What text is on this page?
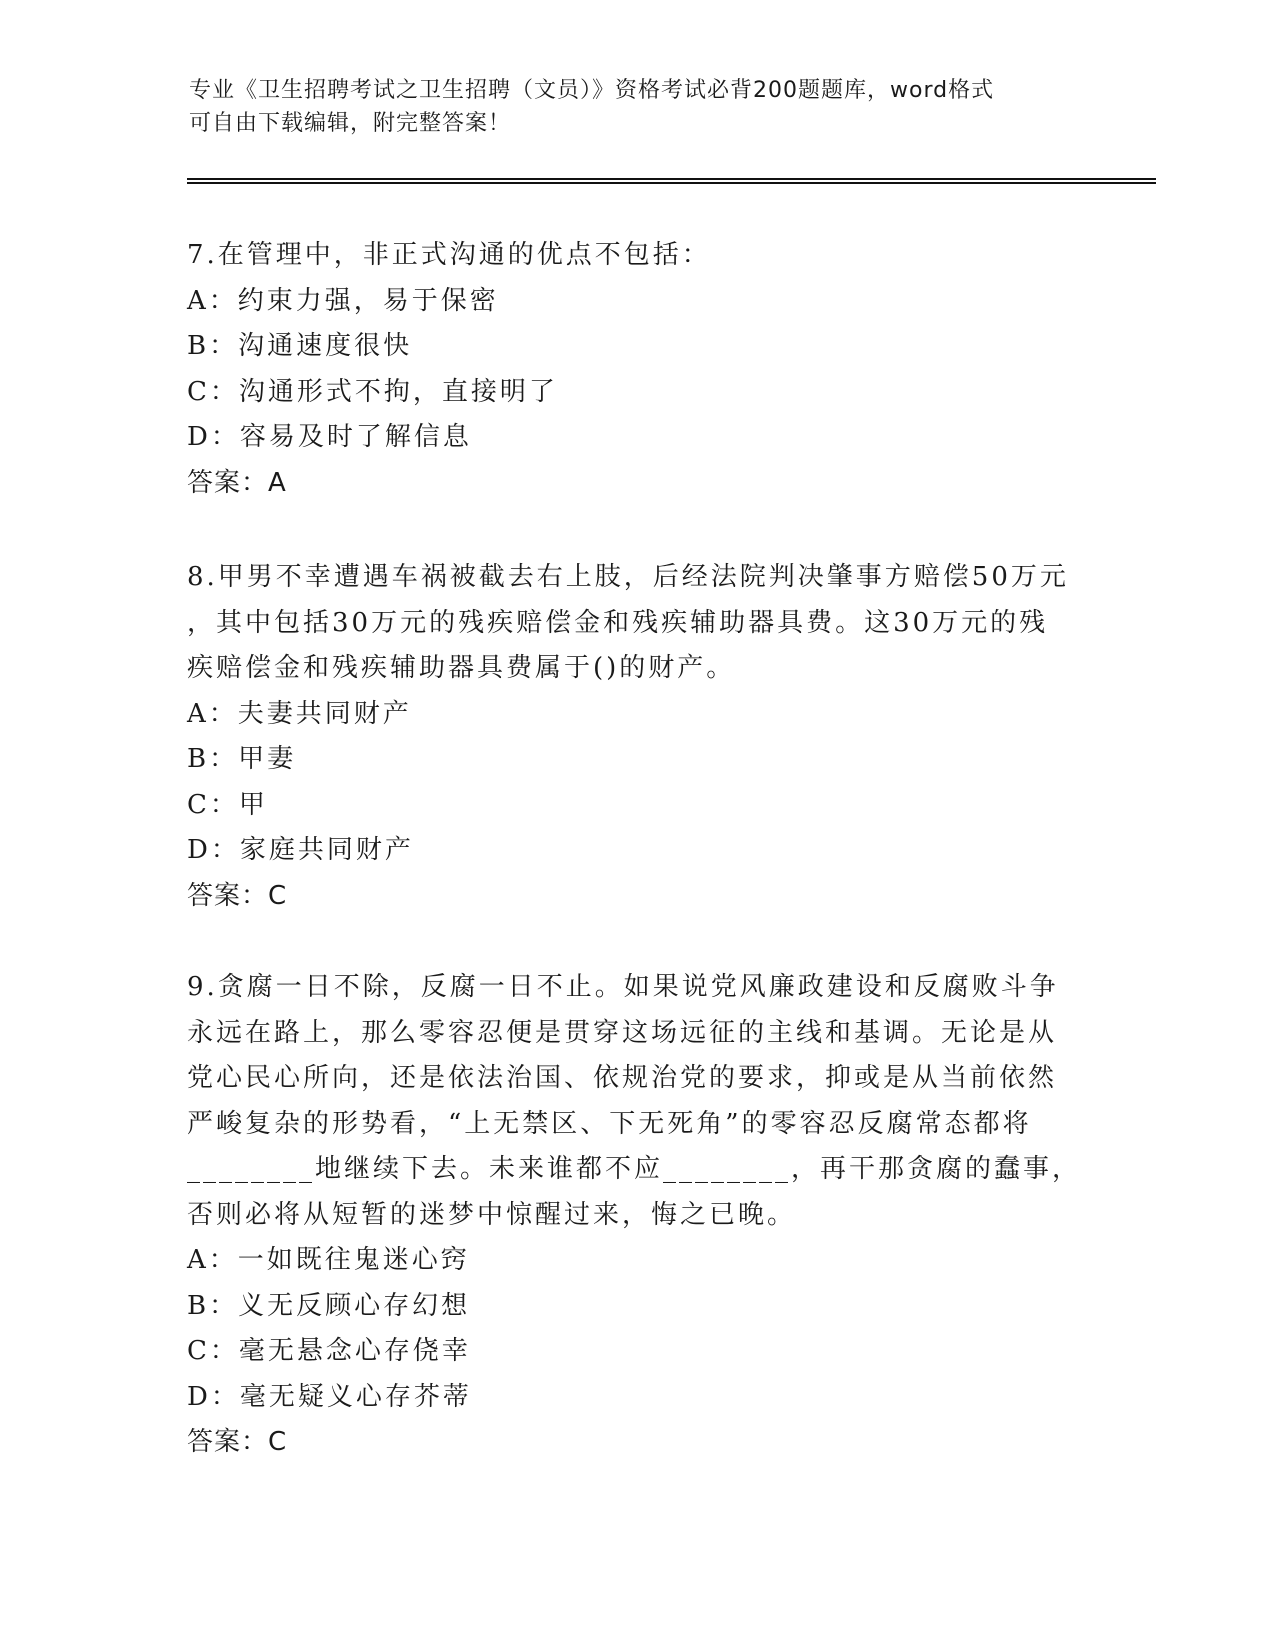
专业《卫生招聘考试之卫生招聘（文员）》资格考试必背200题题库，word格式
可自由下载编辑，附完整答案！

7.在管理中，非正式沟通的优点不包括：

A：约束力强，易于保密

B：沟通速度很快

C：沟通形式不拘，直接明了

D：容易及时了解信息

答案：A

8.甲男不幸遭遇车祸被截去右上肢，后经法院判决肇事方赔偿50万元

，其中包括30万元的残疾赔偿金和残疾辅助器具费。这30万元的残

疾赔偿金和残疾辅助器具费属于()的财产。

A：夫妻共同财产

B：甲妻

C：甲

D：家庭共同财产

答案：C

9.贪腐一日不除，反腐一日不止。如果说党风廉政建设和反腐败斗争

永远在路上，那么零容忍便是贯穿这场远征的主线和基调。无论是从

党心民心所向，还是依法治国、依规治党的要求，抑或是从当前依然

严峻复杂的形势看，“上无禁区、下无死角”的零容忍反腐常态都将

________地继续下去。未来谁都不应________，再干那贪腐的蠢事，

否则必将从短暂的迷梦中惊醒过来，悔之已晚。

A：一如既往鬼迷心窍

B：义无反顾心存幻想

C：毫无悬念心存侥幸

D：毫无疑义心存芥蒂

答案：C
